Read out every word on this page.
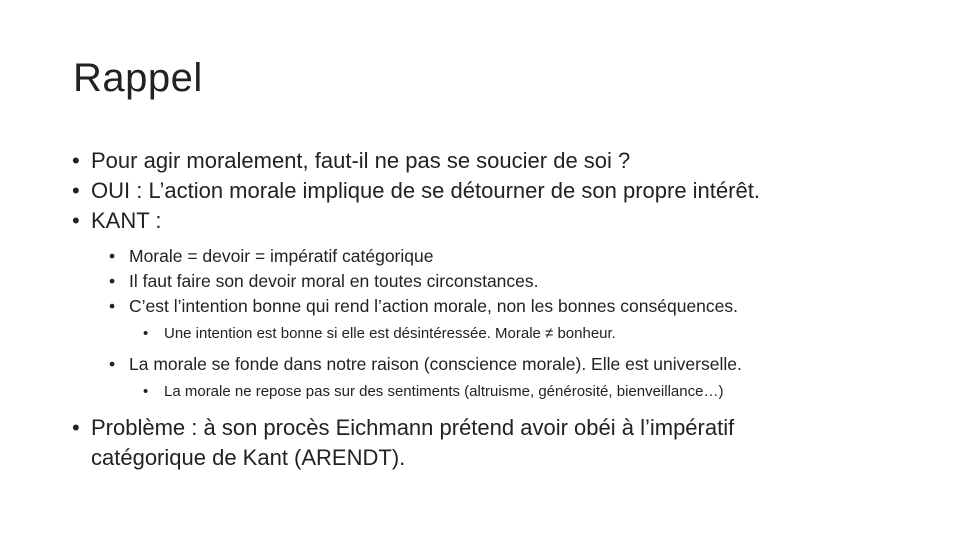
Rappel
• Pour agir moralement, faut-il ne pas se soucier de soi ?
• OUI : L’action morale implique de se détourner de son propre intérêt.
• KANT :
• Morale = devoir = impératif catégorique
• Il faut faire son devoir moral en toutes circonstances.
• C’est l’intention bonne qui rend l’action morale, non les bonnes conséquences.
• Une intention est bonne si elle est désintéressée. Morale ≠ bonheur.
• La morale se fonde dans notre raison (conscience morale). Elle est universelle.
• La morale ne repose pas sur des sentiments (altruisme, générosité, bienveillance…)
• Problème : à son procès Eichmann prétend avoir obéi à l’impératif catégorique de Kant (ARENDT).
